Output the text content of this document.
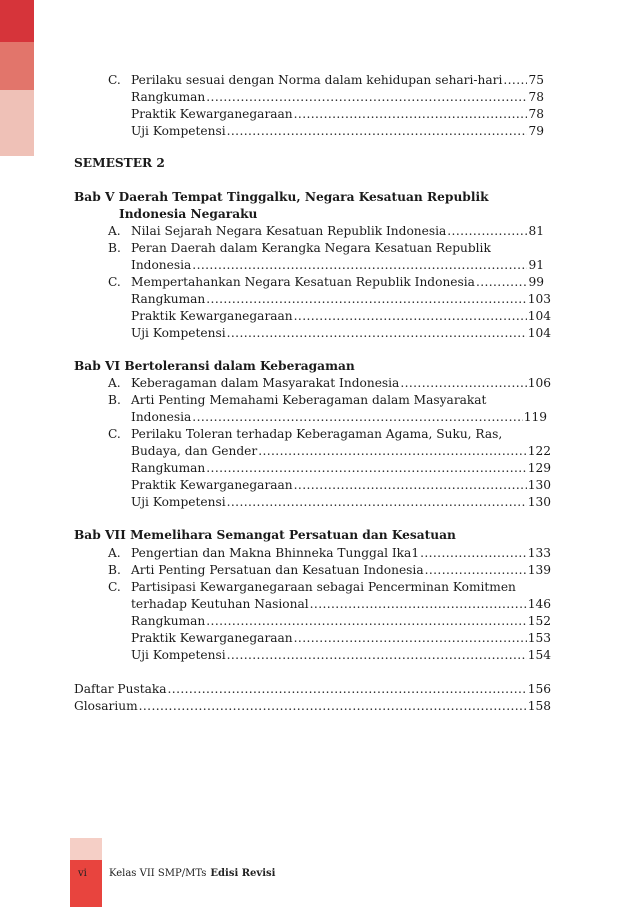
C. Perilaku sesuai dengan Norma dalam kehidupan sehari-hari ..... 75
Rangkuman .....	78
Praktik Kewarganegaraan .....	78
Uji Kompetensi .....	79
SEMESTER 2
Bab V Daerah Tempat Tinggalku, Negara Kesatuan Republik
Indonesia Negaraku
A. Nilai Sejarah Negara Kesatuan Republik Indonesia .....	81
B. Peran Daerah dalam Kerangka Negara Kesatuan Republik
Indonesia .....	91
C. Mempertahankan Negara Kesatuan Republik Indonesia .....	99
Rangkuman .....	103
Praktik Kewarganegaraan .....	104
Uji Kompetensi .....	104
Bab VI Bertoleransi dalam Keberagaman
A. Keberagaman dalam Masyarakat Indonesia .....	106
B. Arti Penting Memahami Keberagaman dalam Masyarakat
Indonesia .....	119
C. Perilaku Toleran terhadap Keberagaman Agama, Suku, Ras,
Budaya, dan Gender .....	122
Rangkuman .....	129
Praktik Kewarganegaraan .....	130
Uji Kompetensi .....	130
Bab VII Memelihara Semangat Persatuan dan Kesatuan
A. Pengertian dan Makna Bhinneka Tunggal Ika1 .....	133
B. Arti Penting Persatuan dan Kesatuan Indonesia .....	139
C. Partisipasi Kewarganegaraan sebagai Pencerminan Komitmen
terhadap Keutuhan Nasional .....	146
Rangkuman .....	152
Praktik Kewarganegaraan .....	153
Uji Kompetensi .....	154
Daftar Pustaka .....	156
Glosarium .....	158
vi Kelas VII SMP/MTs Edisi Revisi
